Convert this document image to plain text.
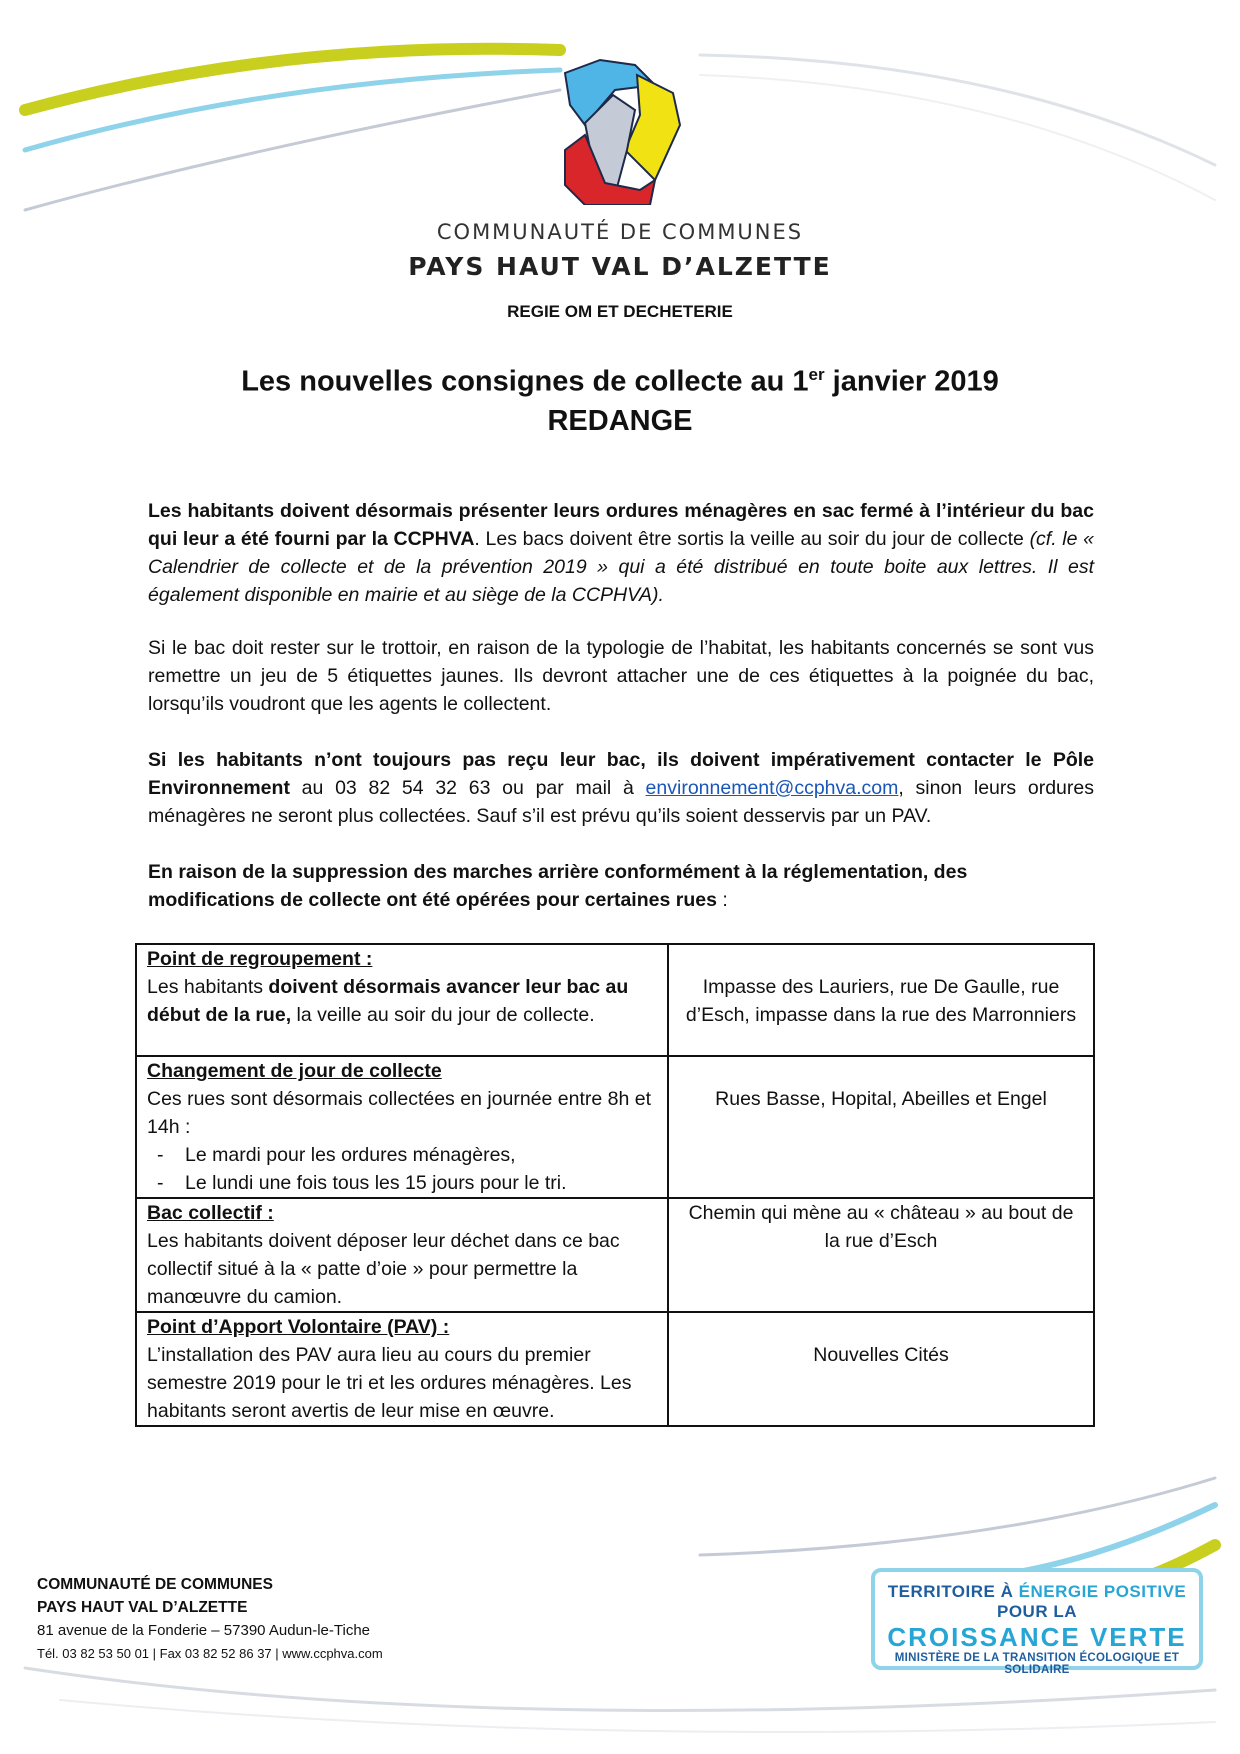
COMMUNAUTÉ DE COMMUNES
PAYS HAUT VAL D’ALZETTE
REGIE OM ET DECHETERIE
Les nouvelles consignes de collecte au 1er janvier 2019
REDANGE

Les habitants doivent désormais présenter leurs ordures ménagères en sac fermé à l’intérieur du bac qui leur a été fourni par la CCPHVA. Les bacs doivent être sortis la veille au soir du jour de collecte (cf. le « Calendrier de collecte et de la prévention 2019 » qui a été distribué en toute boite aux lettres. Il est également disponible en mairie et au siège de la CCPHVA).

Si le bac doit rester sur le trottoir, en raison de la typologie de l’habitat, les habitants concernés se sont vus remettre un jeu de 5 étiquettes jaunes. Ils devront attacher une de ces étiquettes à la poignée du bac, lorsqu’ils voudront que les agents le collectent.

Si les habitants n’ont toujours pas reçu leur bac, ils doivent impérativement contacter le Pôle Environnement au 03 82 54 32 63 ou par mail à environnement@ccphva.com, sinon leurs ordures ménagères ne seront plus collectées. Sauf s’il est prévu qu’ils soient desservis par un PAV.

En raison de la suppression des marches arrière conformément à la réglementation, des modifications de collecte ont été opérées pour certaines rues :

Point de regroupement :
Les habitants doivent désormais avancer leur bac au début de la rue, la veille au soir du jour de collecte.	Impasse des Lauriers, rue De Gaulle, rue d’Esch, impasse dans la rue des Marronniers

Changement de jour de collecte
Ces rues sont désormais collectées en journée entre 8h et 14h :
- Le mardi pour les ordures ménagères,
- Le lundi une fois tous les 15 jours pour le tri.	Rues Basse, Hopital, Abeilles et Engel

Bac collectif :
Les habitants doivent déposer leur déchet dans ce bac collectif situé à la « patte d’oie » pour permettre la manœuvre du camion.	Chemin qui mène au « château » au bout de la rue d’Esch

Point d’Apport Volontaire (PAV) :
L’installation des PAV aura lieu au cours du premier semestre 2019 pour le tri et les ordures ménagères. Les habitants seront avertis de leur mise en œuvre.	Nouvelles Cités
COMMUNAUTÉ DE COMMUNES
PAYS HAUT VAL D’ALZETTE
81 avenue de la Fonderie – 57390 Audun-le-Tiche
Tél. 03 82 53 50 01 | Fax 03 82 52 86 37 | www.ccphva.com
TERRITOIRE À ÉNERGIE POSITIVE POUR LA
CROISSANCE VERTE
MINISTÈRE DE LA TRANSITION ÉCOLOGIQUE ET SOLIDAIRE
